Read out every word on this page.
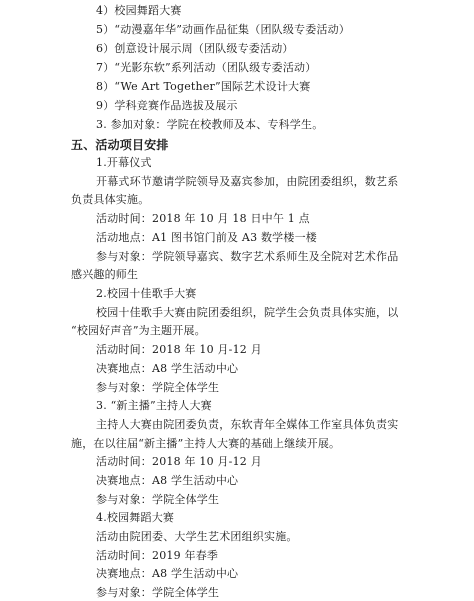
4）校园舞蹈大赛
5）“动漫嘉年华”动画作品征集（团队级专委活动）
6）创意设计展示周（团队级专委活动）
7）“光影东软”系列活动（团队级专委活动）
8）“We Art Together”国际艺术设计大赛
9）学科竞赛作品选拔及展示
3. 参加对象：学院在校教师及本、专科学生。
五、活动项目安排
1.开幕仪式
开幕式环节邀请学院领导及嘉宾参加，由院团委组织，数艺系
负责具体实施。
活动时间：2018 年 10 月 18 日中午 1 点
活动地点：A1 图书馆门前及 A3 数学楼一楼
参与对象：学院领导嘉宾、数字艺术系师生及全院对艺术作品
感兴趣的师生
2.校园十佳歌手大赛
校园十佳歌手大赛由院团委组织，院学生会负责具体实施，以
“校园好声音”为主题开展。
活动时间：2018 年 10 月-12 月
决赛地点：A8 学生活动中心
参与对象：学院全体学生
3. “新主播”主持人大赛
主持人大赛由院团委负责，东软青年全媒体工作室具体负责实
施，在以往届“新主播”主持人大赛的基础上继续开展。
活动时间：2018 年 10 月-12 月
决赛地点：A8 学生活动中心
参与对象：学院全体学生
4.校园舞蹈大赛
活动由院团委、大学生艺术团组织实施。
活动时间：2019 年春季
决赛地点：A8 学生活动中心
参与对象：学院全体学生
